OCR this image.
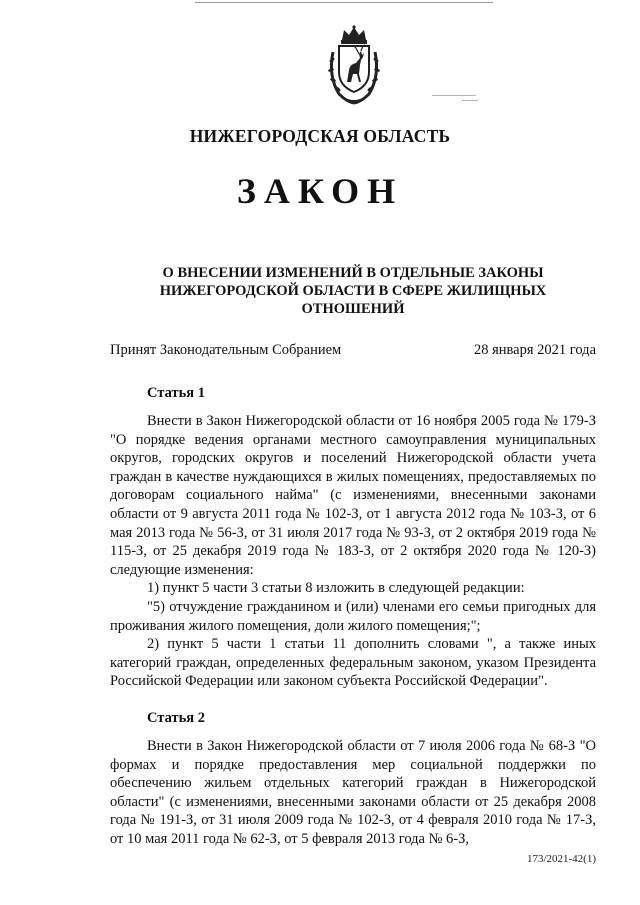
НИЖЕГОРОДСКАЯ ОБЛАСТЬ
ЗАКОН
О ВНЕСЕНИИ ИЗМЕНЕНИЙ В ОТДЕЛЬНЫЕ ЗАКОНЫ
НИЖЕГОРОДСКОЙ ОБЛАСТИ В СФЕРЕ ЖИЛИЩНЫХ
ОТНОШЕНИЙ
Принят Законодательным Собранием	28 января 2021 года
Статья 1
Внести в Закон Нижегородской области от 16 ноября 2005 года № 179-З "О порядке ведения органами местного самоуправления муниципальных округов, городских округов и поселений Нижегородской области учета граждан в качестве нуждающихся в жилых помещениях, предоставляемых по договорам социального найма" (с изменениями, внесенными законами области от 9 августа 2011 года № 102-З, от 1 августа 2012 года № 103-З, от 6 мая 2013 года № 56-З, от 31 июля 2017 года № 93-З, от 2 октября 2019 года № 115-З, от 25 декабря 2019 года № 183-З, от 2 октября 2020 года № 120-З) следующие изменения:
1) пункт 5 части 3 статьи 8 изложить в следующей редакции:
"5) отчуждение гражданином и (или) членами его семьи пригодных для проживания жилого помещения, доли жилого помещения;";
2) пункт 5 части 1 статьи 11 дополнить словами ", а также иных категорий граждан, определенных федеральным законом, указом Президента Российской Федерации или законом субъекта Российской Федерации".
Статья 2
Внести в Закон Нижегородской области от 7 июля 2006 года № 68-З "О формах и порядке предоставления мер социальной поддержки по обеспечению жильем отдельных категорий граждан в Нижегородской области" (с изменениями, внесенными законами области от 25 декабря 2008 года № 191-З, от 31 июля 2009 года № 102-З, от 4 февраля 2010 года № 17-З, от 10 мая 2011 года № 62-З, от 5 февраля 2013 года № 6-З,
173/2021-42(1)
